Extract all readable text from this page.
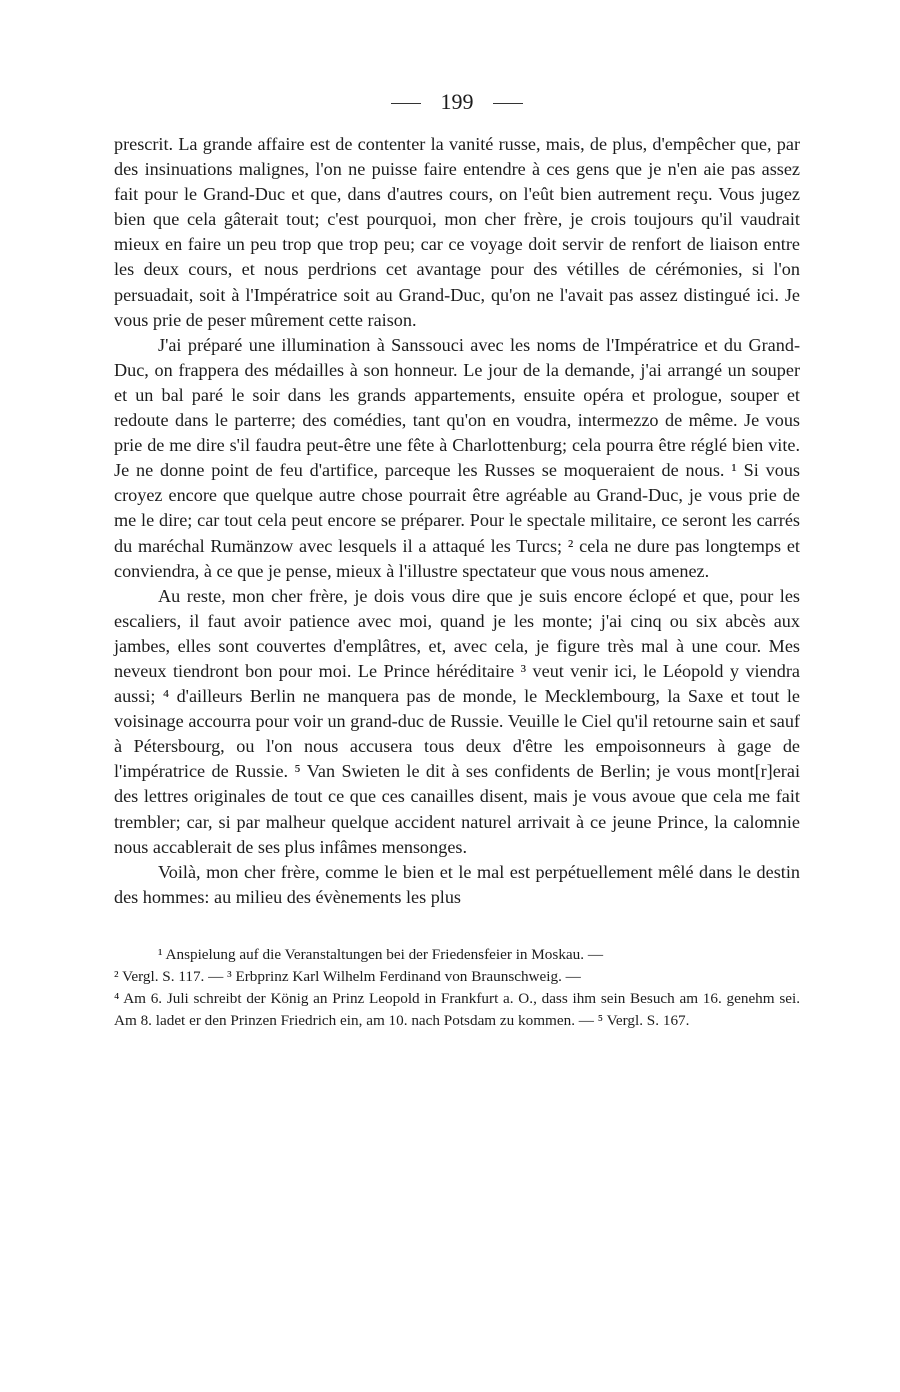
199

prescrit. La grande affaire est de contenter la vanité russe, mais, de plus, d'empêcher que, par des insinuations malignes, l'on ne puisse faire entendre à ces gens que je n'en aie pas assez fait pour le Grand-Duc et que, dans d'autres cours, on l'eût bien autrement reçu. Vous jugez bien que cela gâterait tout; c'est pourquoi, mon cher frère, je crois toujours qu'il vaudrait mieux en faire un peu trop que trop peu; car ce voyage doit servir de renfort de liaison entre les deux cours, et nous perdrions cet avantage pour des vétilles de cérémonies, si l'on persuadait, soit à l'Impératrice soit au Grand-Duc, qu'on ne l'avait pas assez distingué ici. Je vous prie de peser mûrement cette raison.

J'ai préparé une illumination à Sanssouci avec les noms de l'Impératrice et du Grand-Duc, on frappera des médailles à son honneur. Le jour de la demande, j'ai arrangé un souper et un bal paré le soir dans les grands appartements, ensuite opéra et prologue, souper et redoute dans le parterre; des comédies, tant qu'on en voudra, intermezzo de même. Je vous prie de me dire s'il faudra peut-être une fête à Charlottenburg; cela pourra être réglé bien vite. Je ne donne point de feu d'artifice, parceque les Russes se moqueraient de nous. ¹ Si vous croyez encore que quelque autre chose pourrait être agréable au Grand-Duc, je vous prie de me le dire; car tout cela peut encore se préparer. Pour le spectale militaire, ce seront les carrés du maréchal Rumänzow avec lesquels il a attaqué les Turcs; ² cela ne dure pas longtemps et conviendra, à ce que je pense, mieux à l'illustre spectateur que vous nous amenez.

Au reste, mon cher frère, je dois vous dire que je suis encore éclopé et que, pour les escaliers, il faut avoir patience avec moi, quand je les monte; j'ai cinq ou six abcès aux jambes, elles sont couvertes d'emplâtres, et, avec cela, je figure très mal à une cour. Mes neveux tiendront bon pour moi. Le Prince héréditaire ³ veut venir ici, le Léopold y viendra aussi; ⁴ d'ailleurs Berlin ne manquera pas de monde, le Mecklembourg, la Saxe et tout le voisinage accourra pour voir un grand-duc de Russie. Veuille le Ciel qu'il retourne sain et sauf à Pétersbourg, ou l'on nous accusera tous deux d'être les empoisonneurs à gage de l'impératrice de Russie. ⁵ Van Swieten le dit à ses confidents de Berlin; je vous mont[r]erai des lettres originales de tout ce que ces canailles disent, mais je vous avoue que cela me fait trembler; car, si par malheur quelque accident naturel arrivait à ce jeune Prince, la calomnie nous accablerait de ses plus infâmes mensonges.

Voilà, mon cher frère, comme le bien et le mal est perpétuellement mêlé dans le destin des hommes: au milieu des évènements les plus

¹ Anspielung auf die Veranstaltungen bei der Friedensfeier in Moskau. —

² Vergl. S. 117. — ³ Erbprinz Karl Wilhelm Ferdinand von Braunschweig. —

⁴ Am 6. Juli schreibt der König an Prinz Leopold in Frankfurt a. O., dass ihm sein Besuch am 16. genehm sei. Am 8. ladet er den Prinzen Friedrich ein, am 10. nach Potsdam zu kommen. — ⁵ Vergl. S. 167.
